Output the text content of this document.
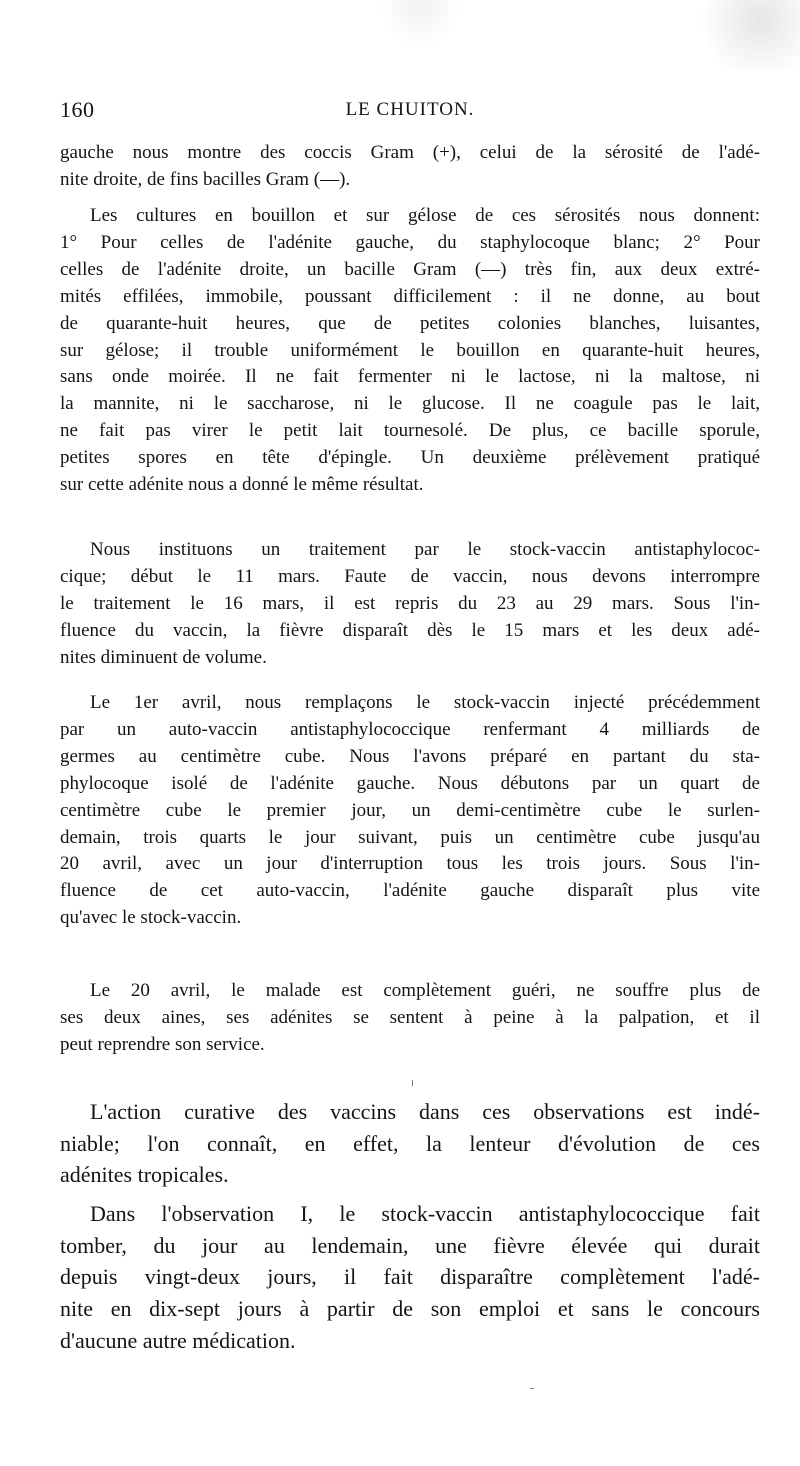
160	LE CHUITON.
gauche nous montre des coccis Gram (+), celui de la sérosité de l'adé-
nite droite, de fins bacilles Gram (—).
Les cultures en bouillon et sur gélose de ces sérosités nous donnent:
1° Pour celles de l'adénite gauche, du staphylocoque blanc; 2° Pour
celles de l'adénite droite, un bacille Gram (—) très fin, aux deux extré-
mités effilées, immobile, poussant difficilement : il ne donne, au bout
de quarante-huit heures, que de petites colonies blanches, luisantes,
sur gélose; il trouble uniformément le bouillon en quarante-huit heures,
sans onde moirée. Il ne fait fermenter ni le lactose, ni la maltose, ni
la mannite, ni le saccharose, ni le glucose. Il ne coagule pas le lait,
ne fait pas virer le petit lait tournesolé. De plus, ce bacille sporule,
petites spores en tête d'épingle. Un deuxième prélèvement pratiqué
sur cette adénite nous a donné le même résultat.
Nous instituons un traitement par le stock-vaccin antistaphylococ-
cique; début le 11 mars. Faute de vaccin, nous devons interrompre
le traitement le 16 mars, il est repris du 23 au 29 mars. Sous l'in-
fluence du vaccin, la fièvre disparaît dès le 15 mars et les deux adé-
nites diminuent de volume.
Le 1er avril, nous remplaçons le stock-vaccin injecté précédemment
par un auto-vaccin antistaphylococcique renfermant 4 milliards de
germes au centimètre cube. Nous l'avons préparé en partant du sta-
phylocoque isolé de l'adénite gauche. Nous débutons par un quart de
centimètre cube le premier jour, un demi-centimètre cube le surlen-
demain, trois quarts le jour suivant, puis un centimètre cube jusqu'au
20 avril, avec un jour d'interruption tous les trois jours. Sous l'in-
fluence de cet auto-vaccin, l'adénite gauche disparaît plus vite
qu'avec le stock-vaccin.
Le 20 avril, le malade est complètement guéri, ne souffre plus de
ses deux aines, ses adénites se sentent à peine à la palpation, et il
peut reprendre son service.
L'action curative des vaccins dans ces observations est indé-
niable; l'on connaît, en effet, la lenteur d'évolution de ces
adénites tropicales.
Dans l'observation I, le stock-vaccin antistaphylococcique fait
tomber, du jour au lendemain, une fièvre élevée qui durait
depuis vingt-deux jours, il fait disparaître complètement l'adé-
nite en dix-sept jours à partir de son emploi et sans le concours
d'aucune autre médication.
